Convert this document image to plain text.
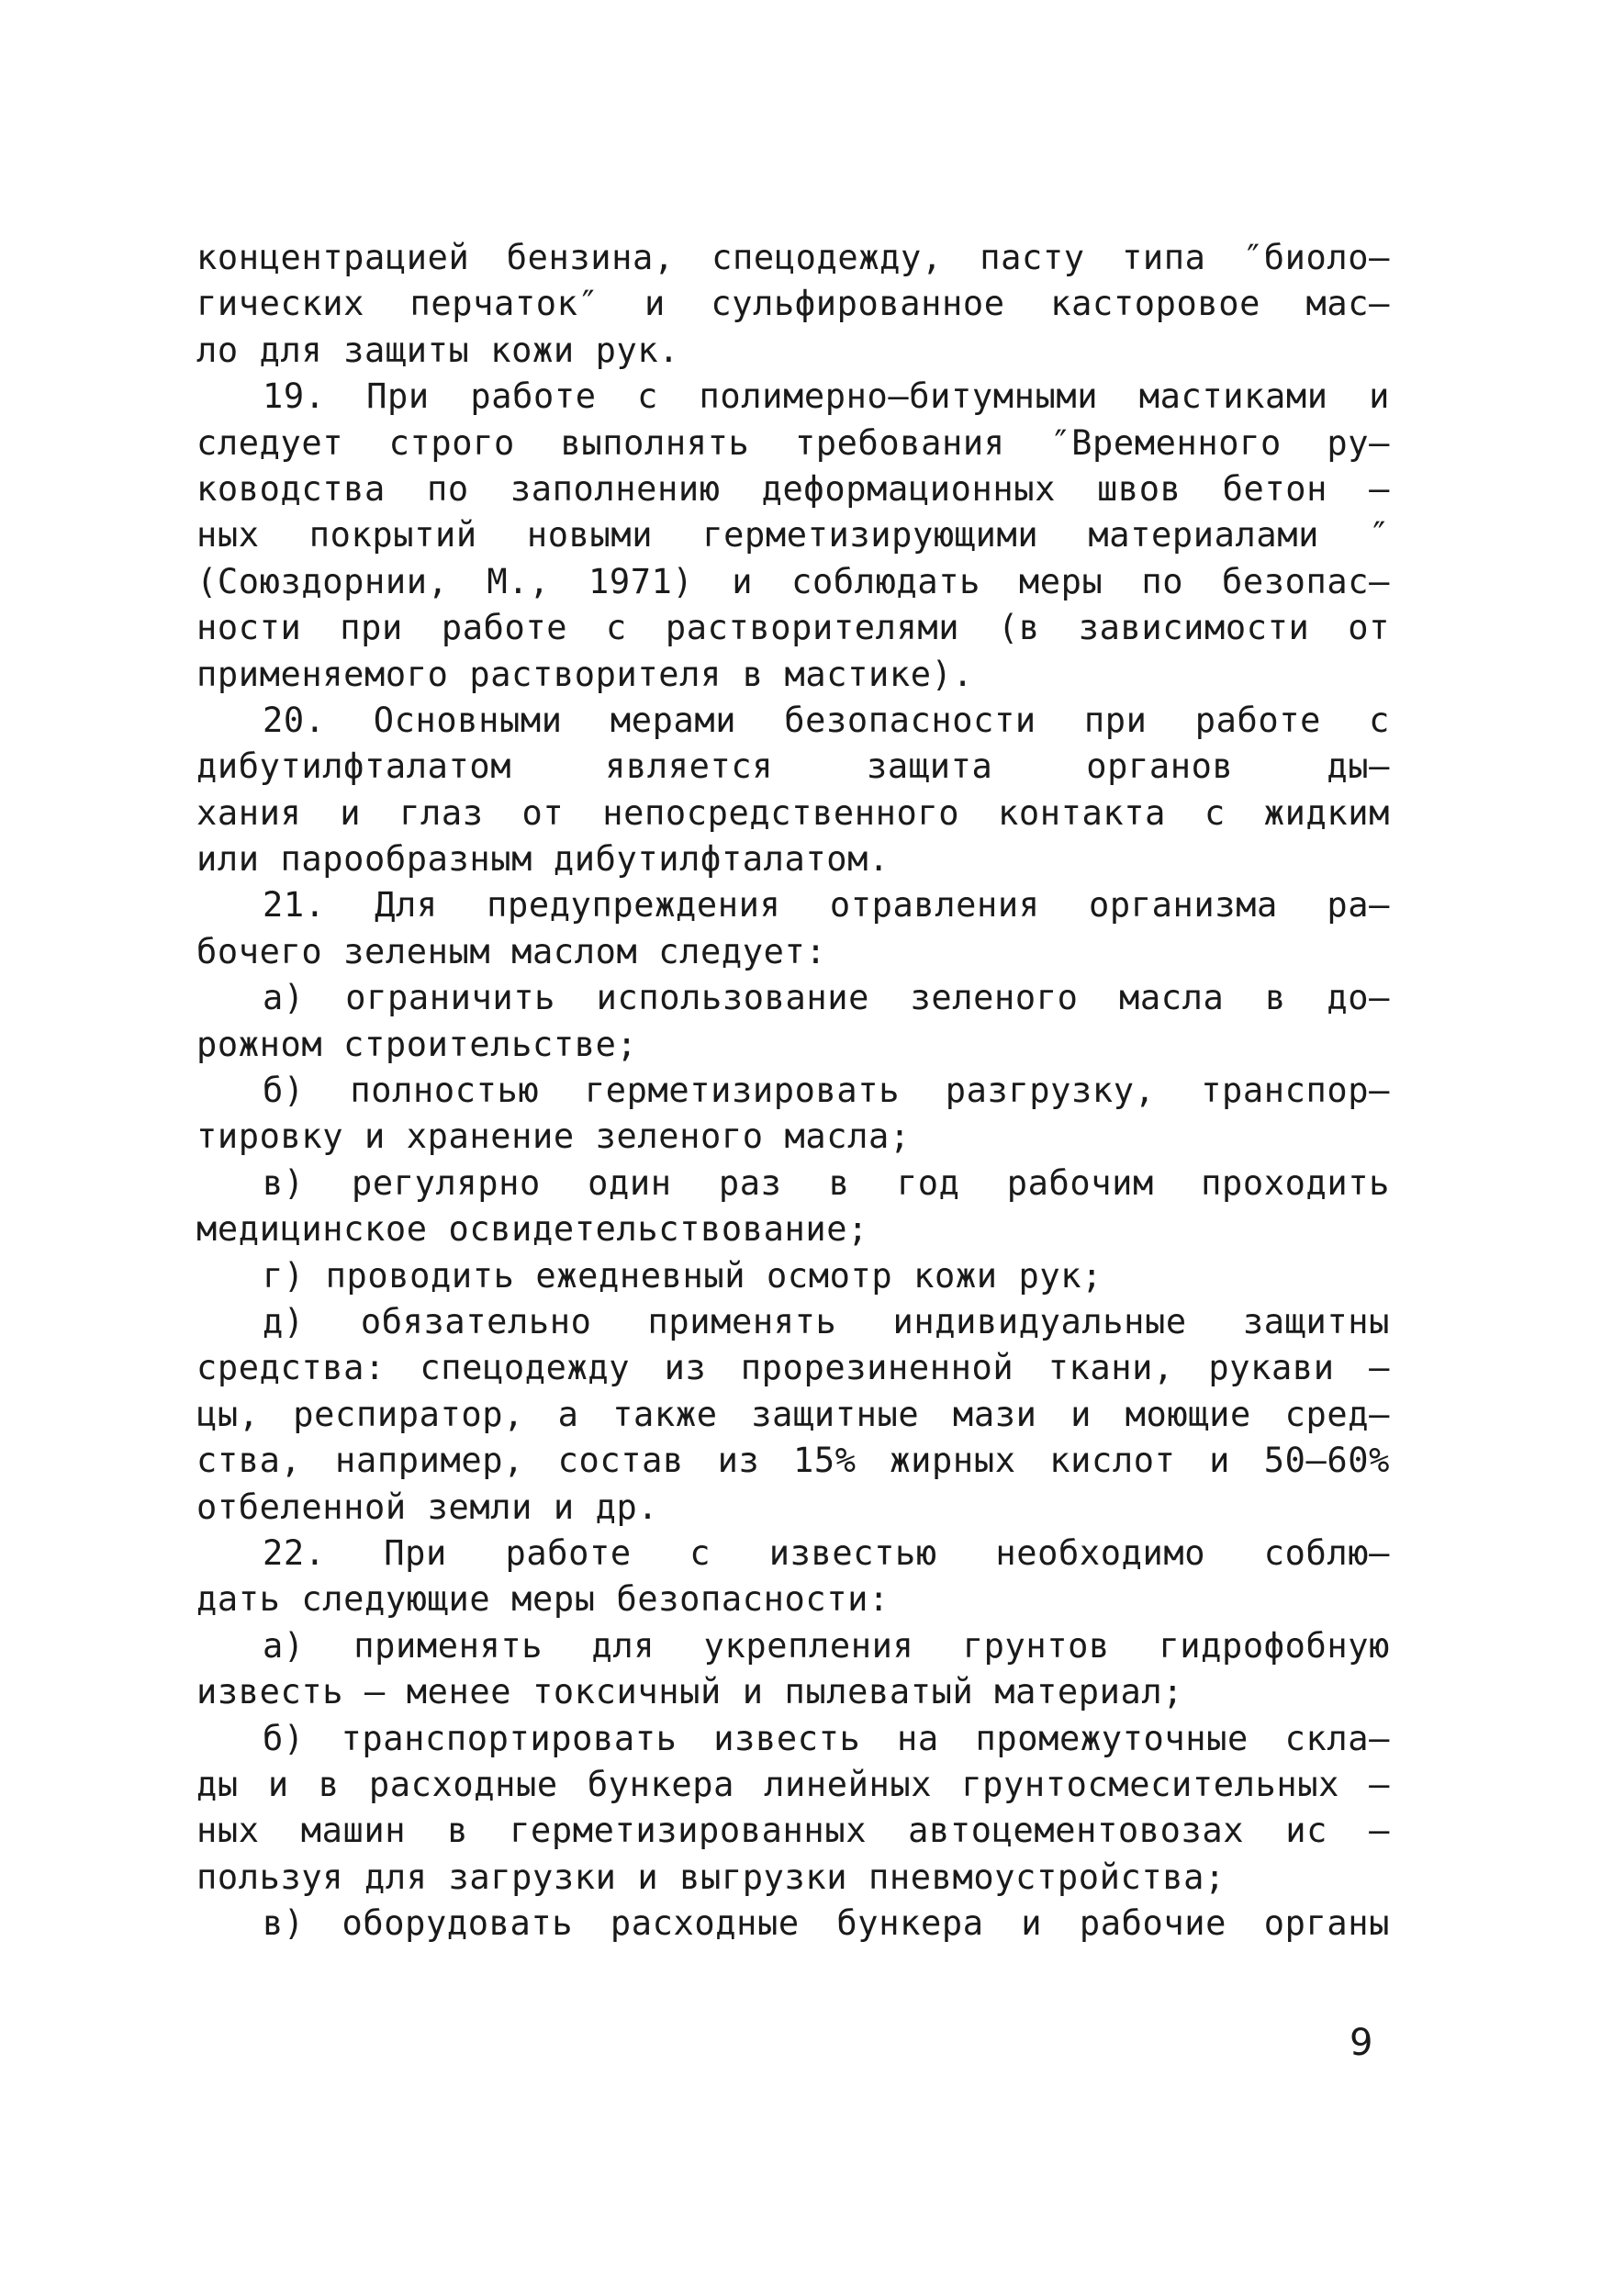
концентрацией бензина, спецодежду, пасту типа ″биоло–
гических перчаток″ и сульфированное касторовое мас–
ло для защиты кожи рук.
19. При работе с полимерно–битумными мастиками и
следует строго выполнять требования ″Временного ру–
ководства по заполнению деформационных швов бетон –
ных покрытий новыми герметизирующими материалами ″
(Союздорнии, М., 1971) и соблюдать меры по безопас–
ности при работе с растворителями (в зависимости от
применяемого растворителя в мастике).
20. Основными мерами безопасности при работе с
дибутилфталатом является защита органов ды–
хания и глаз от непосредственного контакта с жидким
или парообразным дибутилфталатом.
21. Для предупреждения отравления организма ра–
бочего зеленым маслом следует:
а) ограничить использование зеленого масла в до–
рожном строительстве;
б) полностью герметизировать разгрузку, транспор–
тировку и хранение зеленого масла;
в) регулярно один раз в год рабочим проходить
медицинское освидетельствование;
г) проводить ежедневный осмотр кожи рук;
д) обязательно применять индивидуальные защитны
средства: спецодежду из прорезиненной ткани, рукави –
цы, респиратор, а также защитные мази и моющие сред–
ства, например, состав из 15% жирных кислот и 50–60%
отбеленной земли и др.
22. При работе с известью необходимо соблю–
дать следующие меры безопасности:
а) применять для укрепления грунтов гидрофобную
известь – менее токсичный и пылеватый материал;
б) транспортировать известь на промежуточные скла–
ды и в расходные бункера линейных грунтосмесительных –
ных машин в герметизированных автоцементовозах ис –
пользуя для загрузки и выгрузки пневмоустройства;
в) оборудовать расходные бункера и рабочие органы
9
